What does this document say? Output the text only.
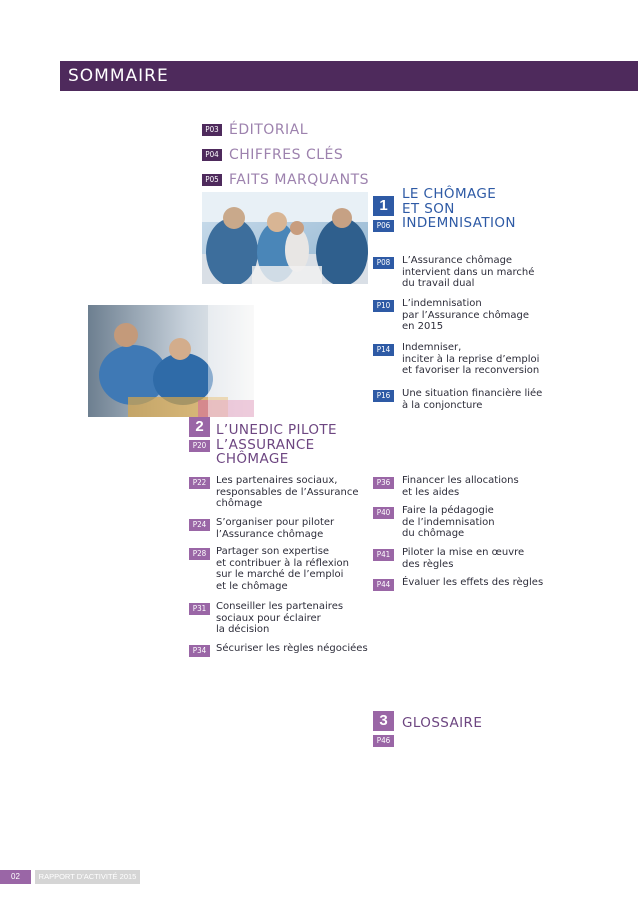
SOMMAIRE
P03 ÉDITORIAL
P04 CHIFFRES CLÉS
P05 FAITS MARQUANTS
1
P06
LE CHÔMAGE
ET SON
INDEMNISATION
P08	L’Assurance chômage
intervient dans un marché
du travail dual
P10	L’indemnisation
par l’Assurance chômage
en 2015
P14	Indemniser,
inciter à la reprise d’emploi
et favoriser la reconversion
P16	Une situation financière liée
à la conjoncture
2
P20
L’UNEDIC PILOTE
L’ASSURANCE
CHÔMAGE
P22 Les partenaires sociaux,
responsables de l’Assurance
chômage
P24 S’organiser pour piloter
l’Assurance chômage
P28 Partager son expertise
et contribuer à la réflexion
sur le marché de l’emploi
et le chômage
P31 Conseiller les partenaires
sociaux pour éclairer
la décision
P34 Sécuriser les règles négociées
P36	Financer les allocations
et les aides
P40	Faire la pédagogie
de l’indemnisation
du chômage
P41	Piloter la mise en œuvre
des règles
P44	Évaluer les effets des règles
3
P46
GLOSSAIRE
02	RAPPORT D’ACTIVITÉ 2015
